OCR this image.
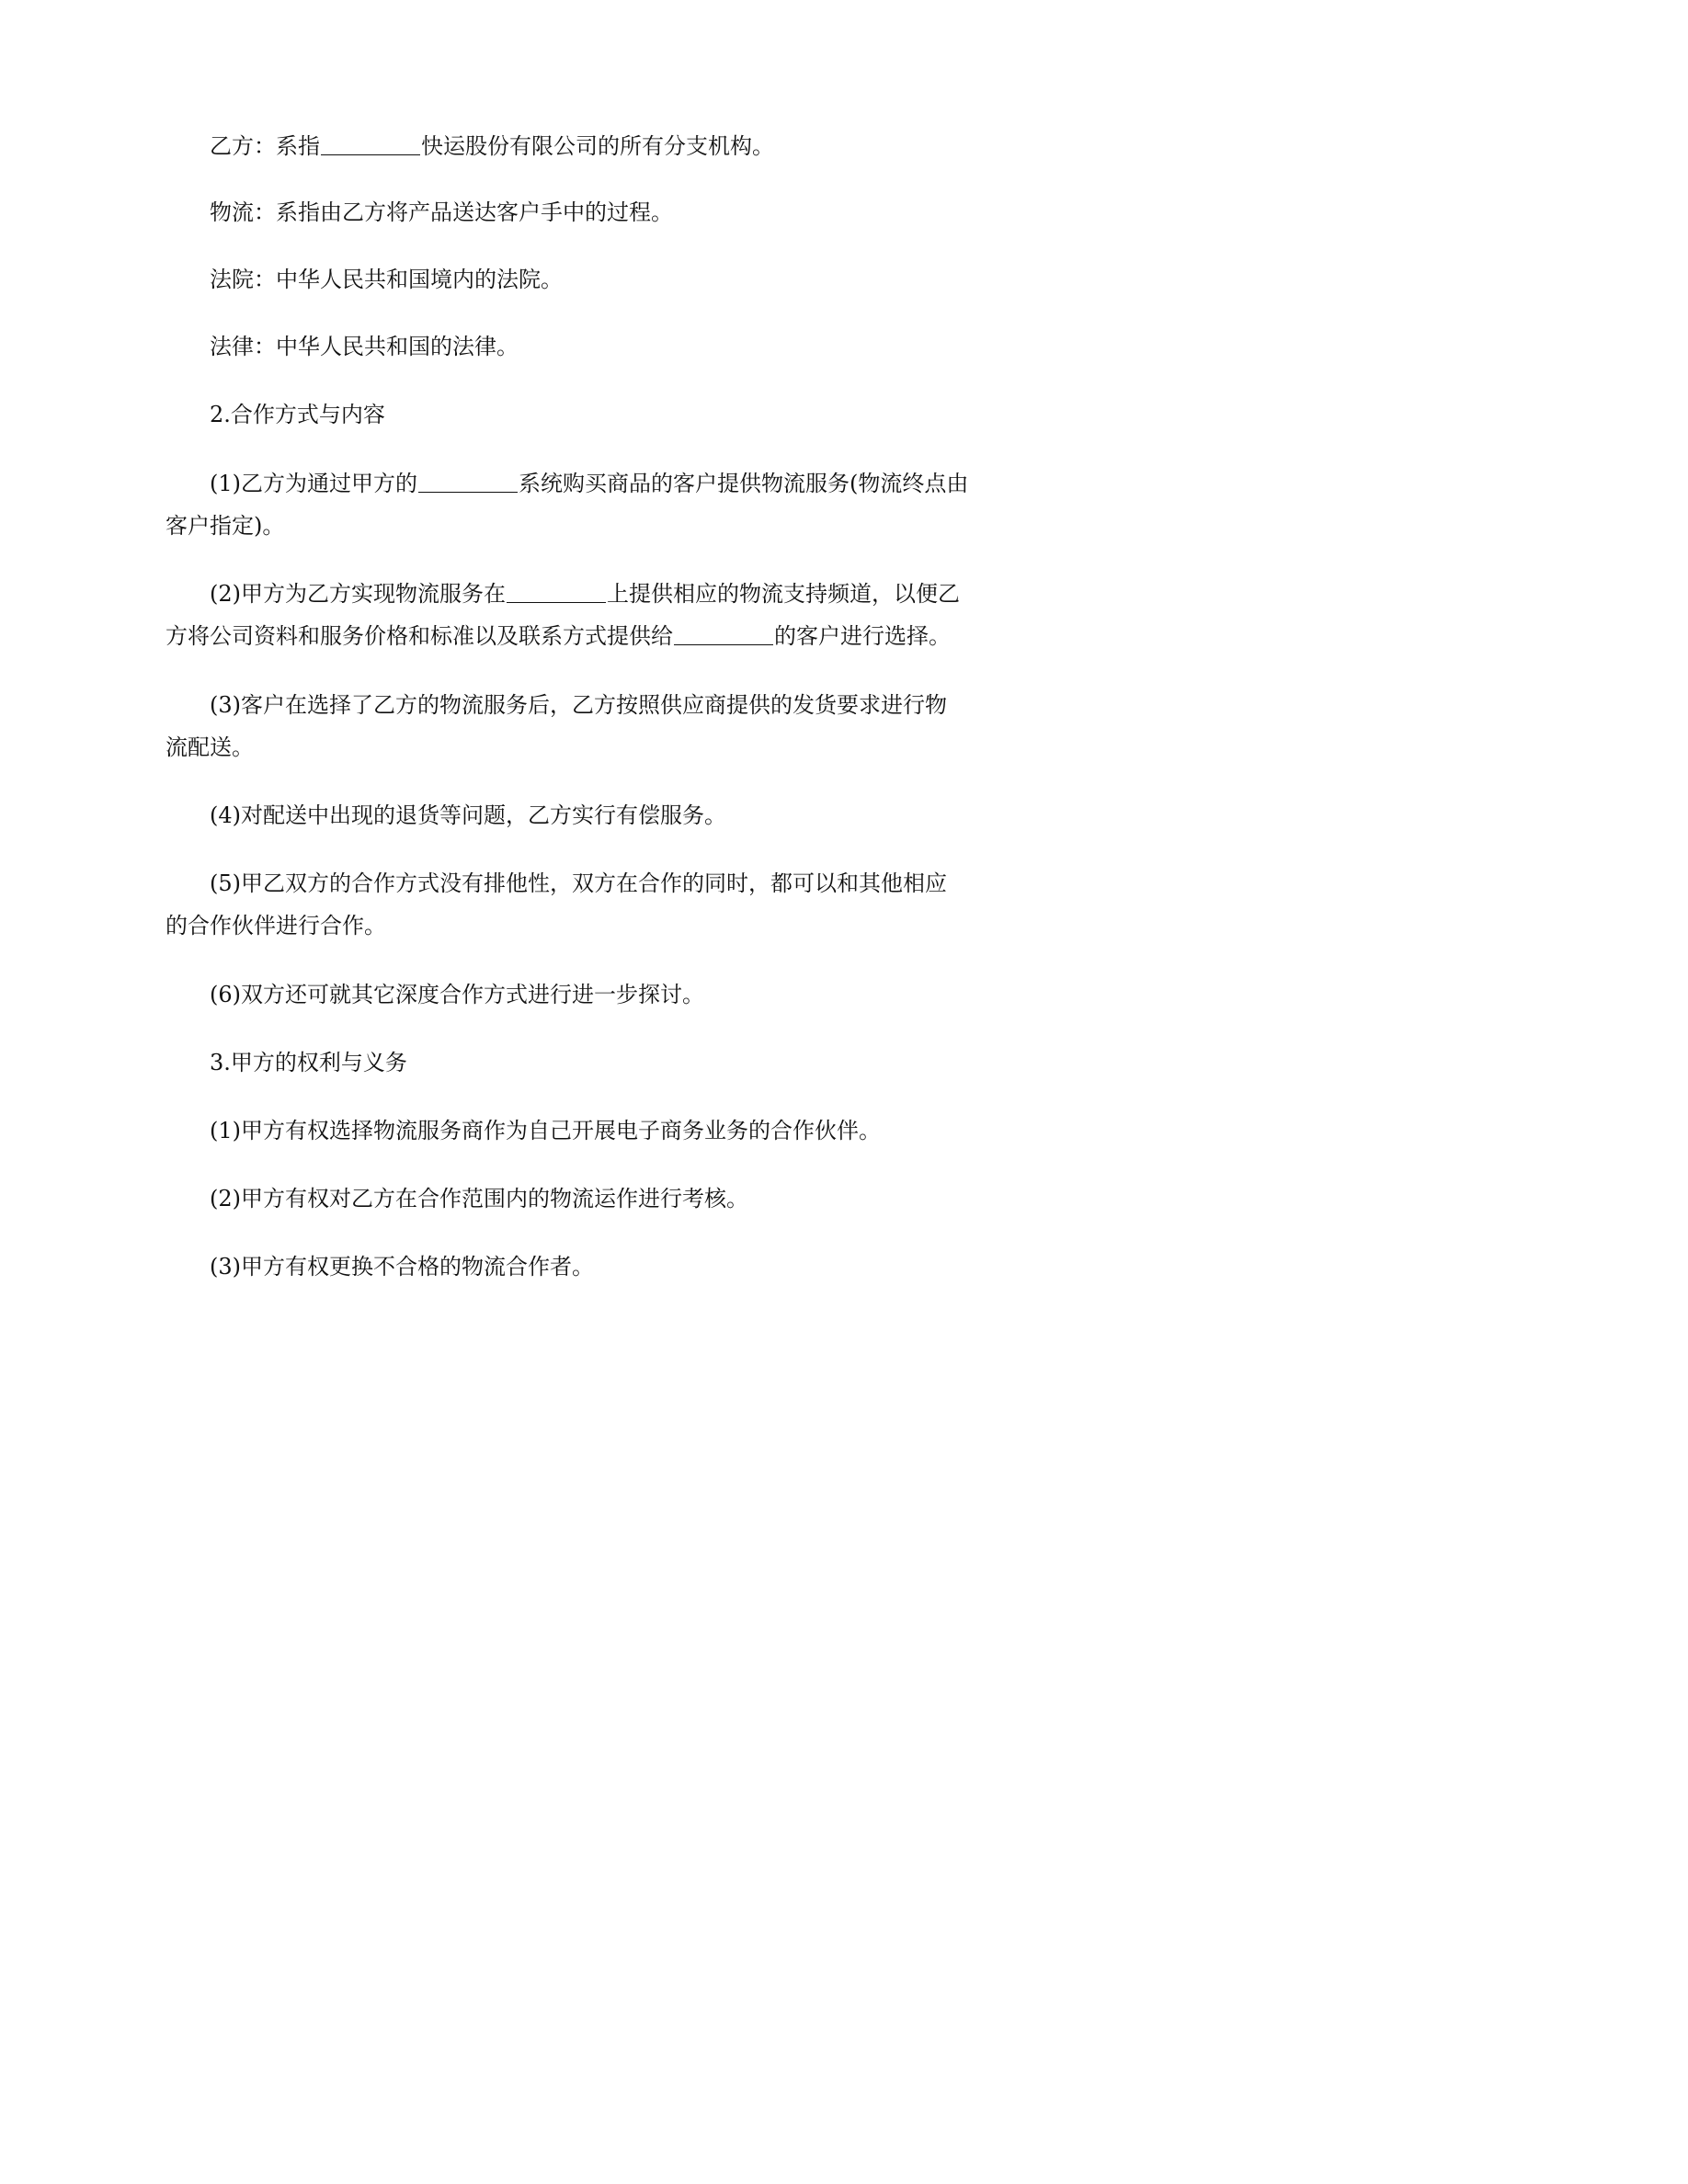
乙方：系指	快运股份有限公司的所有分支机构。

物流：系指由乙方将产品送达客户手中的过程。

法院：中华人民共和国境内的法院。

法律：中华人民共和国的法律。

2.合作方式与内容

(1)乙方为通过甲方的	系统购买商品的客户提供物流服务(物流终点由
客户指定)。

(2)甲方为乙方实现物流服务在	上提供相应的物流支持频道，以便乙
方将公司资料和服务价格和标准以及联系方式提供给	的客户进行选择。

(3)客户在选择了乙方的物流服务后，乙方按照供应商提供的发货要求进行物
流配送。

(4)对配送中出现的退货等问题，乙方实行有偿服务。

(5)甲乙双方的合作方式没有排他性，双方在合作的同时，都可以和其他相应
的合作伙伴进行合作。

(6)双方还可就其它深度合作方式进行进一步探讨。

3.甲方的权利与义务

(1)甲方有权选择物流服务商作为自己开展电子商务业务的合作伙伴。

(2)甲方有权对乙方在合作范围内的物流运作进行考核。

(3)甲方有权更换不合格的物流合作者。
